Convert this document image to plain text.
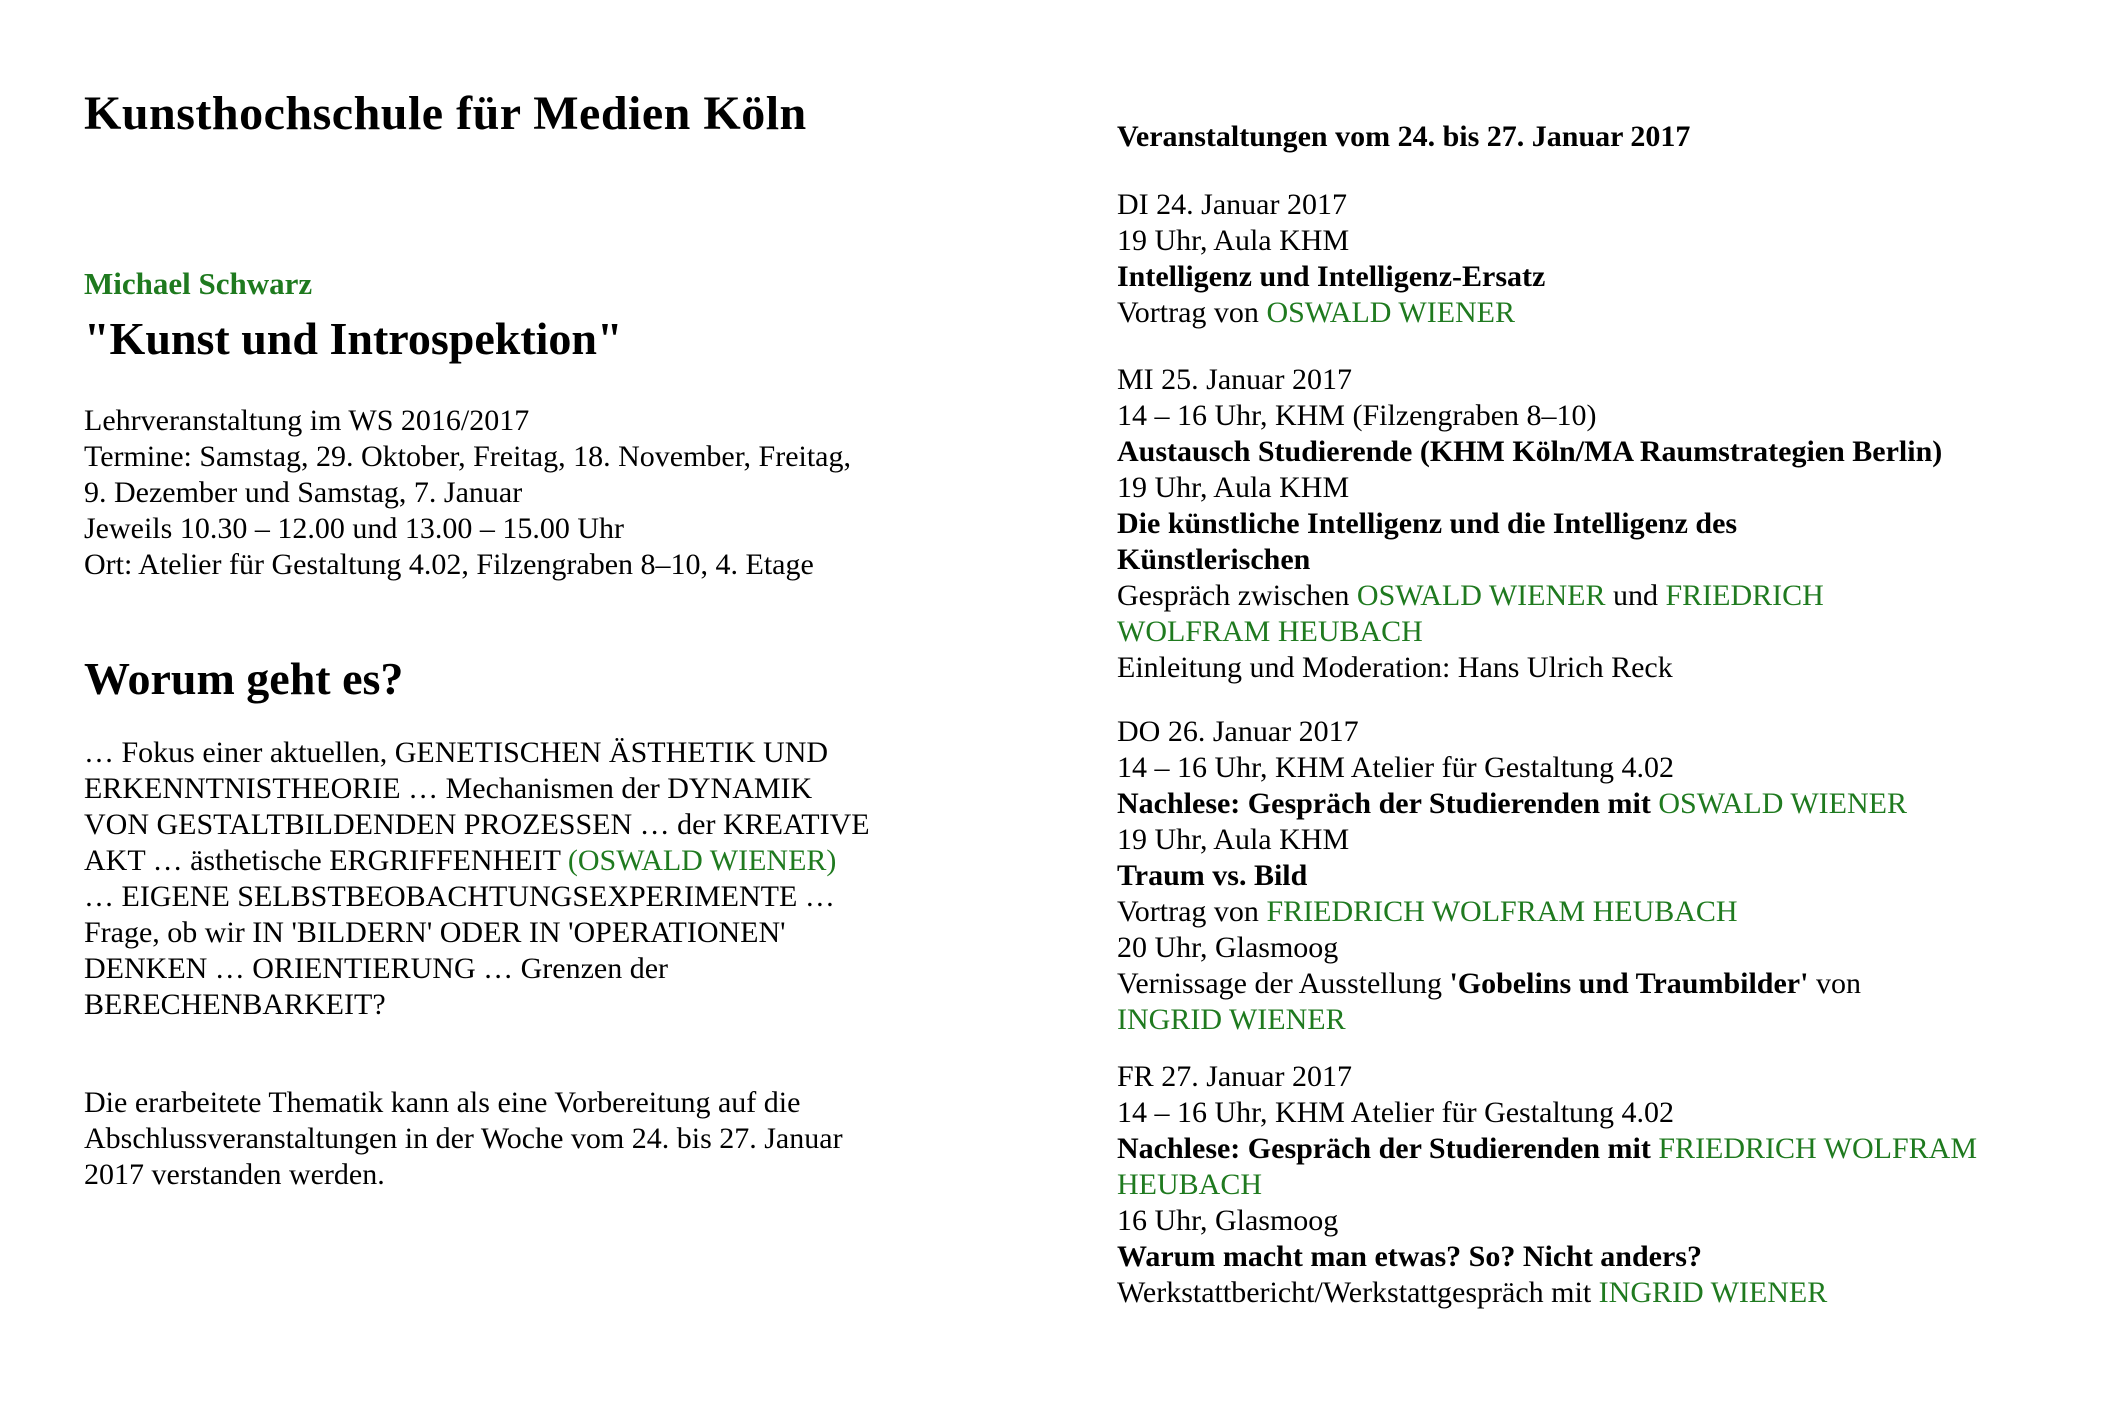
Kunsthochschule für Medien Köln
Michael Schwarz
"Kunst und Introspektion"
Lehrveranstaltung im WS 2016/2017
Termine: Samstag, 29. Oktober, Freitag, 18. November, Freitag,
9. Dezember und Samstag, 7. Januar
Jeweils 10.30 – 12.00 und 13.00 – 15.00 Uhr
Ort: Atelier für Gestaltung 4.02, Filzengraben 8–10, 4. Etage
Worum geht es?
… Fokus einer aktuellen, GENETISCHEN ÄSTHETIK UND
ERKENNTNISTHEORIE … Mechanismen der DYNAMIK
VON GESTALTBILDENDEN PROZESSEN … der KREATIVE
AKT … ästhetische ERGRIFFENHEIT (OSWALD WIENER)
… EIGENE SELBSTBEOBACHTUNGSEXPERIMENTE …
Frage, ob wir IN 'BILDERN' ODER IN 'OPERATIONEN'
DENKEN … ORIENTIERUNG … Grenzen der
BERECHENBARKEIT?
Die erarbeitete Thematik kann als eine Vorbereitung auf die
Abschlussveranstaltungen in der Woche vom 24. bis 27. Januar
2017 verstanden werden.
Veranstaltungen vom 24. bis 27. Januar 2017
DI 24. Januar 2017
19 Uhr, Aula KHM
Intelligenz und Intelligenz-Ersatz
Vortrag von OSWALD WIENER
MI 25. Januar 2017
14 – 16 Uhr, KHM (Filzengraben 8–10)
Austausch Studierende (KHM Köln/MA Raumstrategien Berlin)
19 Uhr, Aula KHM
Die künstliche Intelligenz und die Intelligenz des
Künstlerischen
Gespräch zwischen OSWALD WIENER und FRIEDRICH
WOLFRAM HEUBACH
Einleitung und Moderation: Hans Ulrich Reck
DO 26. Januar 2017
14 – 16 Uhr, KHM Atelier für Gestaltung 4.02
Nachlese: Gespräch der Studierenden mit OSWALD WIENER
19 Uhr, Aula KHM
Traum vs. Bild
Vortrag von FRIEDRICH WOLFRAM HEUBACH
20 Uhr, Glasmoog
Vernissage der Ausstellung 'Gobelins und Traumbilder' von
INGRID WIENER
FR 27. Januar 2017
14 – 16 Uhr, KHM Atelier für Gestaltung 4.02
Nachlese: Gespräch der Studierenden mit FRIEDRICH WOLFRAM
HEUBACH
16 Uhr, Glasmoog
Warum macht man etwas? So? Nicht anders?
Werkstattbericht/Werkstattgespräch mit INGRID WIENER
